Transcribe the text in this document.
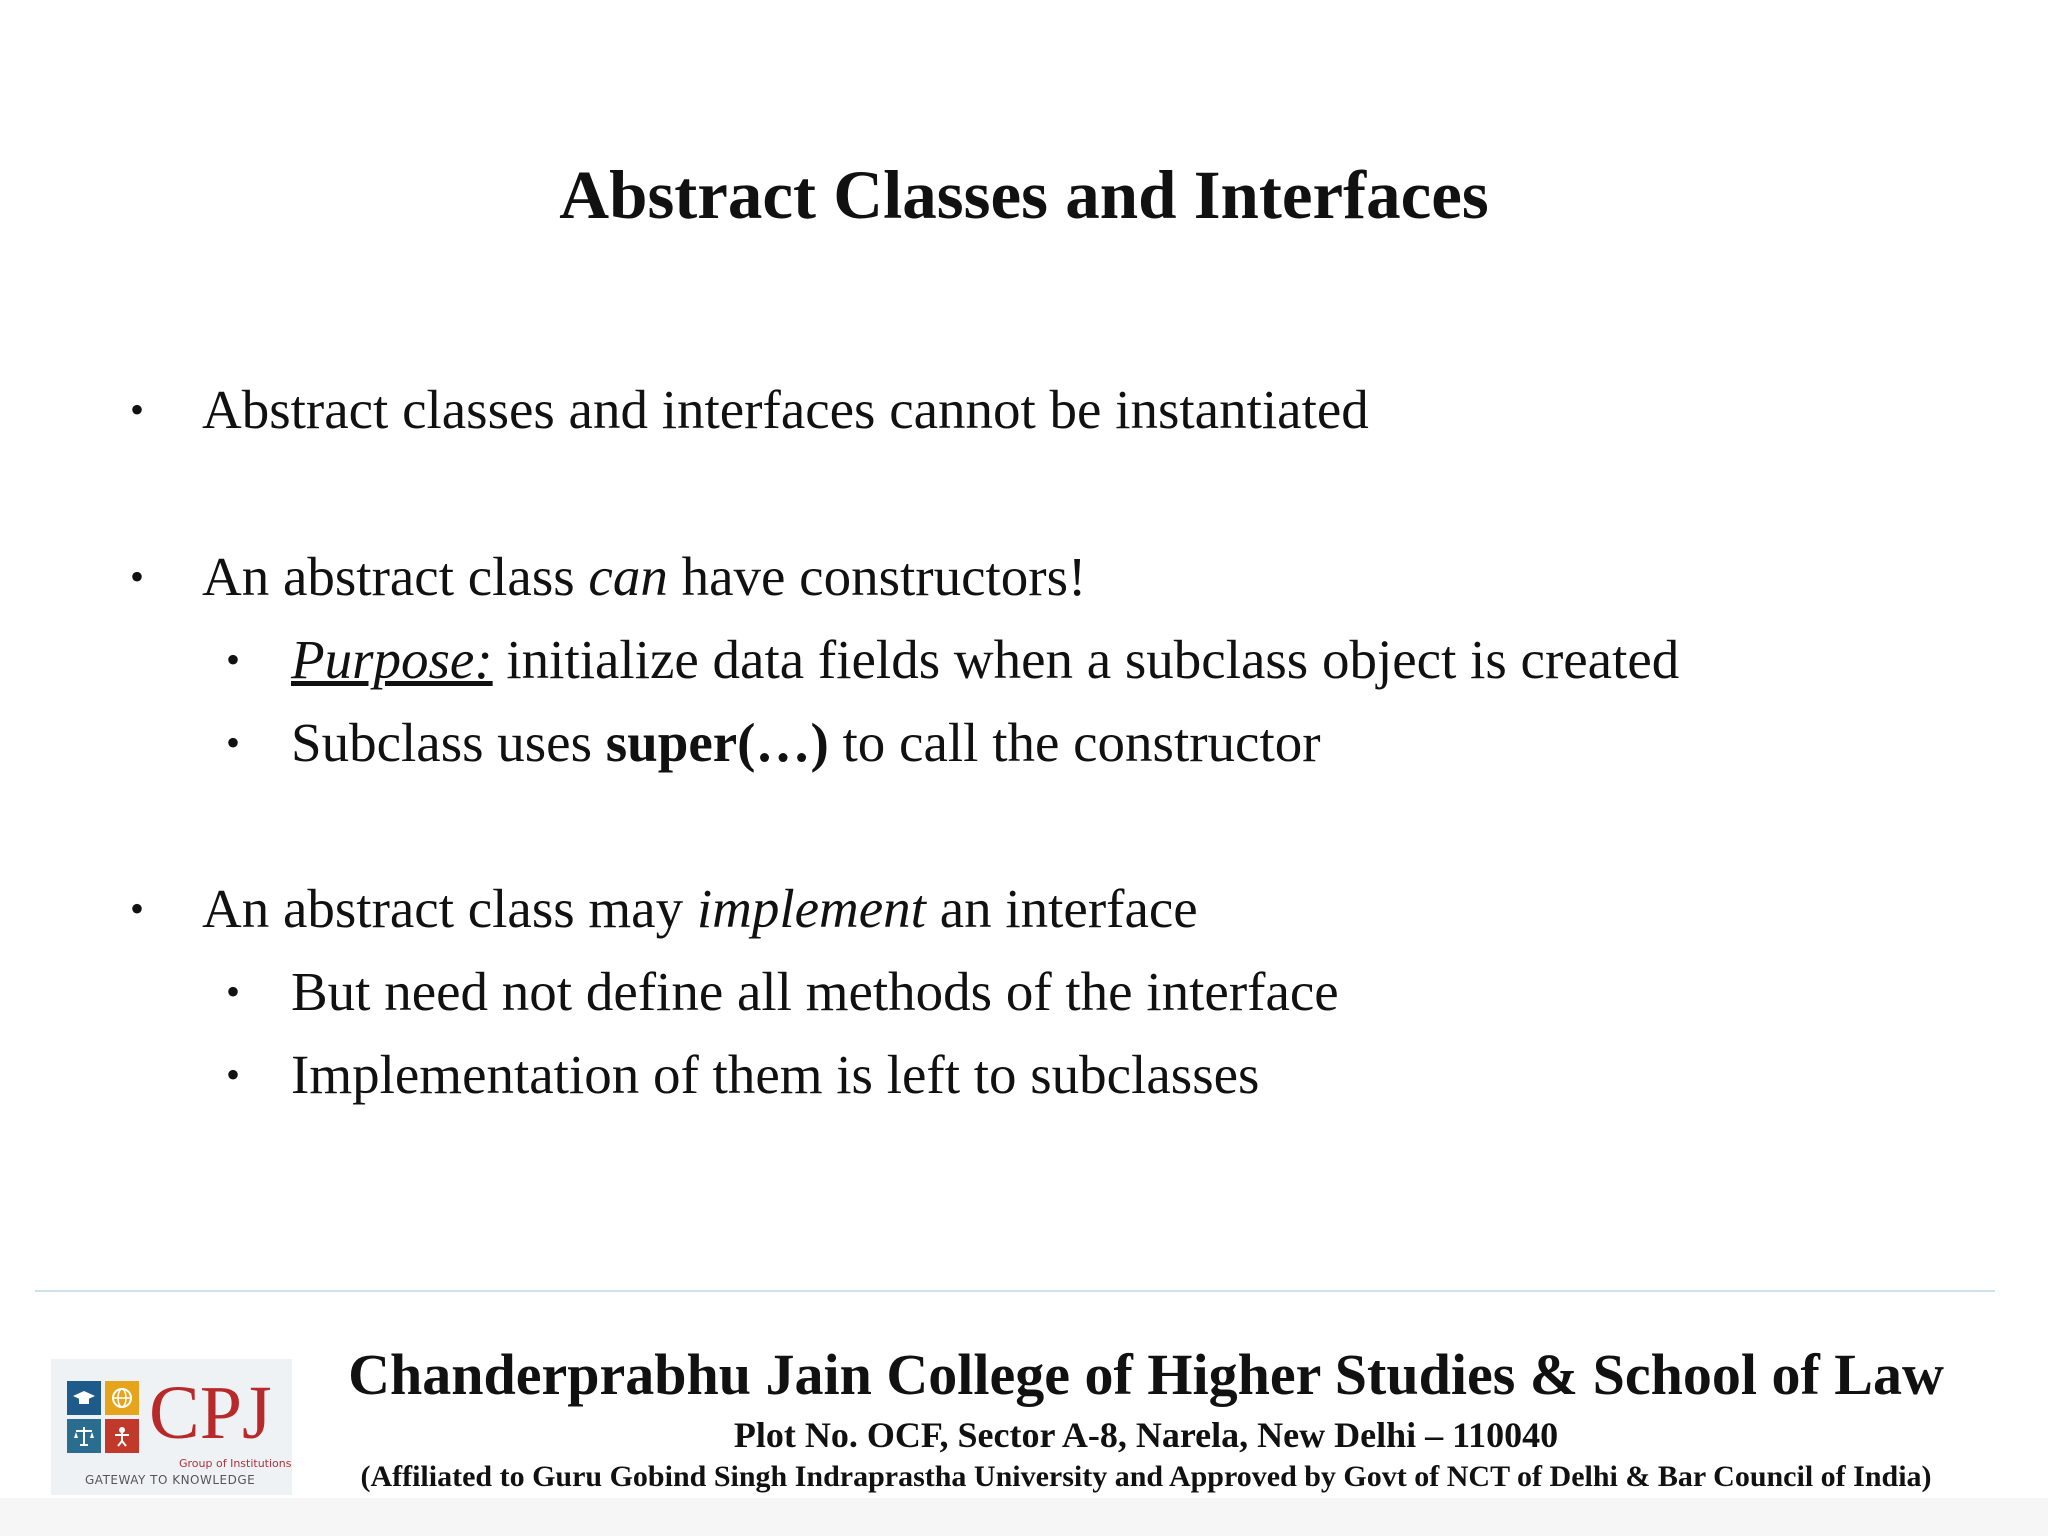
Abstract Classes and Interfaces
• Abstract classes and interfaces cannot be instantiated
• An abstract class can have constructors!
• Purpose: initialize data fields when a subclass object is created
• Subclass uses super(…) to call the constructor
• An abstract class may implement an interface
• But need not define all methods of the interface
• Implementation of them is left to subclasses
CPJ
Group of Institutions
GATEWAY TO KNOWLEDGE
Chanderprabhu Jain College of Higher Studies & School of Law
Plot No. OCF, Sector A-8, Narela, New Delhi – 110040
(Affiliated to Guru Gobind Singh Indraprastha University and Approved by Govt of NCT of Delhi & Bar Council of India)
